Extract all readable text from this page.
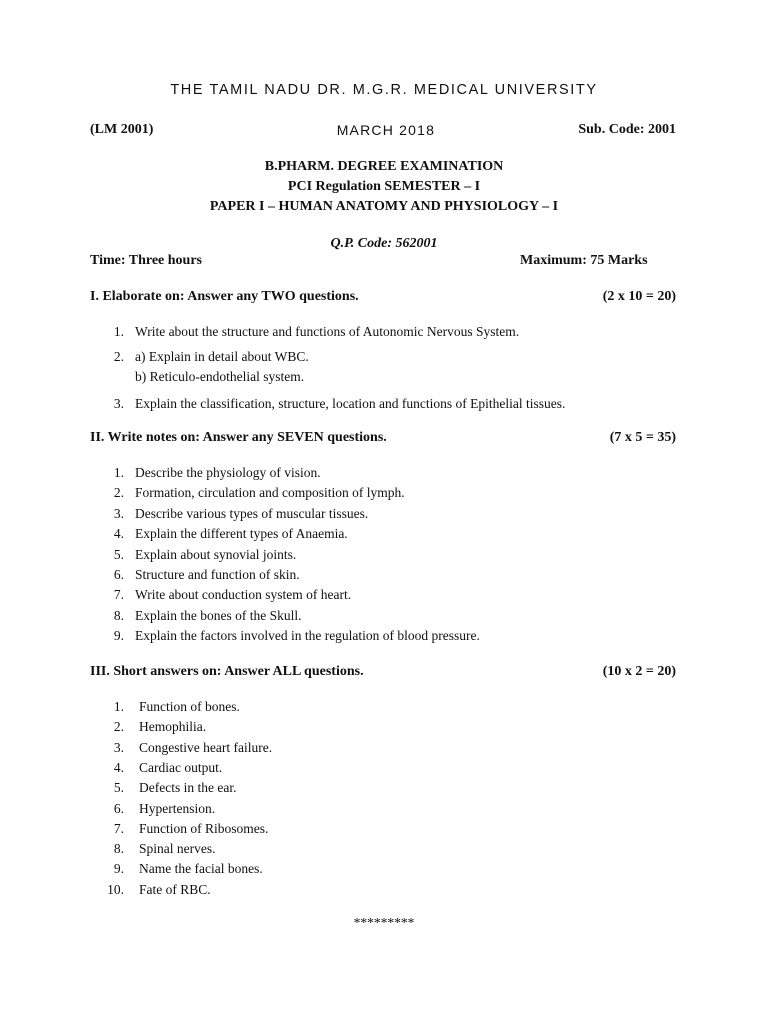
THE TAMIL NADU DR. M.G.R. MEDICAL UNIVERSITY
(LM 2001)	MARCH 2018	Sub. Code: 2001
B.PHARM. DEGREE EXAMINATION
PCI Regulation SEMESTER – I
PAPER I – HUMAN ANATOMY AND PHYSIOLOGY – I
Q.P. Code: 562001
Time: Three hours	Maximum: 75 Marks
I. Elaborate on: Answer any TWO questions.	(2 x 10 = 20)
1. Write about the structure and functions of Autonomic Nervous System.
2. a) Explain in detail about WBC.
b) Reticulo-endothelial system.
3. Explain the classification, structure, location and functions of Epithelial tissues.
II. Write notes on: Answer any SEVEN questions.	(7 x 5 = 35)
1. Describe the physiology of vision.
2. Formation, circulation and composition of lymph.
3. Describe various types of muscular tissues.
4. Explain the different types of Anaemia.
5. Explain about synovial joints.
6. Structure and function of skin.
7. Write about conduction system of heart.
8. Explain the bones of the Skull.
9. Explain the factors involved in the regulation of blood pressure.
III. Short answers on: Answer ALL questions.	(10 x 2 = 20)
1. Function of bones.
2. Hemophilia.
3. Congestive heart failure.
4. Cardiac output.
5. Defects in the ear.
6. Hypertension.
7. Function of Ribosomes.
8. Spinal nerves.
9. Name the facial bones.
10. Fate of RBC.
*********
